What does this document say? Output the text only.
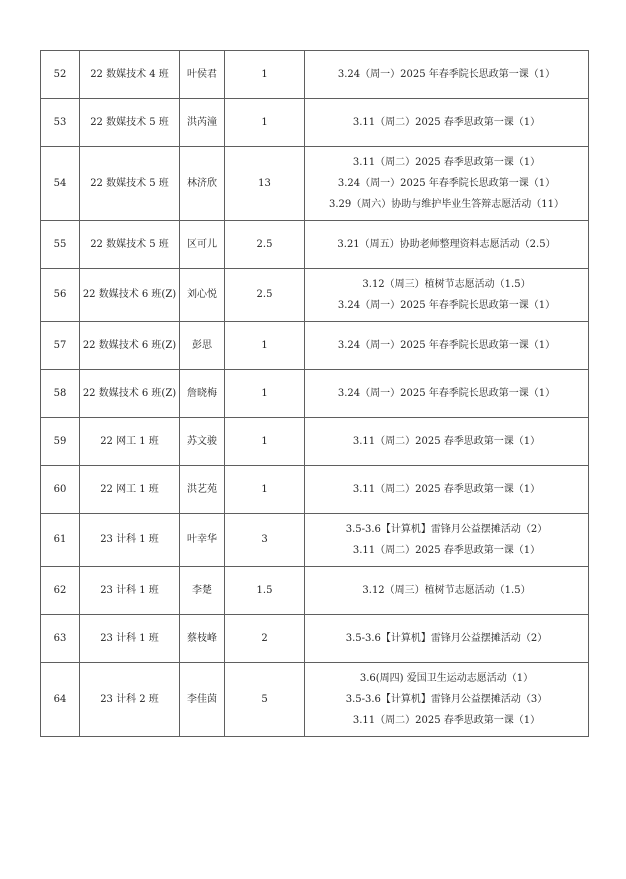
52	22 数媒技术 4 班	叶侯君	1	3.24（周一）2025 年春季院长思政第一课（1）
53	22 数媒技术 5 班	洪芮潼	1	3.11（周二）2025 春季思政第一课（1）
54	22 数媒技术 5 班	林济欣	13
3.11（周二）2025 春季思政第一课（1）
3.24（周一）2025 年春季院长思政第一课（1）
3.29（周六）协助与维护毕业生答辩志愿活动（11）
55	22 数媒技术 5 班	区可儿	2.5	3.21（周五）协助老师整理资料志愿活动（2.5）
56	22 数媒技术 6 班(Z)	刘心悦	2.5
3.12（周三）植树节志愿活动（1.5）
3.24（周一）2025 年春季院长思政第一课（1）
57	22 数媒技术 6 班(Z)	彭思	1	3.24（周一）2025 年春季院长思政第一课（1）
58	22 数媒技术 6 班(Z)	詹晓梅	1	3.24（周一）2025 年春季院长思政第一课（1）
59	22 网工 1 班	苏文骏	1	3.11（周二）2025 春季思政第一课（1）
60	22 网工 1 班	洪艺苑	1	3.11（周二）2025 春季思政第一课（1）
61	23 计科 1 班	叶幸华	3
3.5-3.6【计算机】雷锋月公益摆摊活动（2）
3.11（周二）2025 春季思政第一课（1）
62	23 计科 1 班	李楚	1.5	3.12（周三）植树节志愿活动（1.5）
63	23 计科 1 班	蔡枝峰	2	3.5-3.6【计算机】雷锋月公益摆摊活动（2）
64	23 计科 2 班	李佳茵	5
3.6(周四) 爱国卫生运动志愿活动（1）
3.5-3.6【计算机】雷锋月公益摆摊活动（3）
3.11（周二）2025 春季思政第一课（1）
